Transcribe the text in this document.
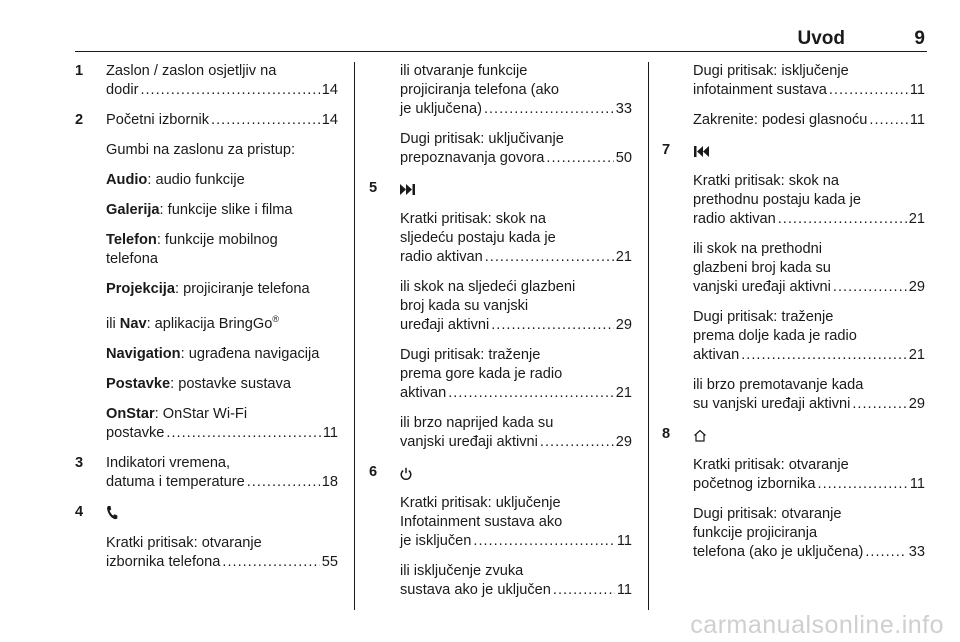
Uvod	9
1 Zaslon / zaslon osjetljiv na
dodir .....	14
2 Početni izbornik .....	14
Gumbi na zaslonu za pristup:
Audio: audio funkcije
Galerija: funkcije slike i filma
Telefon: funkcije mobilnog
telefona
Projekcija: projiciranje telefona
ili Nav: aplikacija BringGo®
Navigation: ugrađena navigacija
Postavke: postavke sustava
OnStar: OnStar Wi-Fi
postavke .....	11
3 Indikatori vremena,
datuma i temperature .....	18
4
Kratki pritisak: otvaranje
izbornika telefona .....	55
ili otvaranje funkcije
projiciranja telefona (ako
je uključena) .....	33
Dugi pritisak: uključivanje
prepoznavanja govora .....	50
5
Kratki pritisak: skok na
sljedeću postaju kada je
radio aktivan .....	21
ili skok na sljedeći glazbeni
broj kada su vanjski
uređaji aktivni .....	29
Dugi pritisak: traženje
prema gore kada je radio
aktivan .....	21
ili brzo naprijed kada su
vanjski uređaji aktivni .....	29
6
Kratki pritisak: uključenje
Infotainment sustava ako
je isključen .....	11
ili isključenje zvuka
sustava ako je uključen .....	11
Dugi pritisak: isključenje
infotainment sustava .....	11
Zakrenite: podesi glasnoću .....	11
7
Kratki pritisak: skok na
prethodnu postaju kada je
radio aktivan .....	21
ili skok na prethodni
glazbeni broj kada su
vanjski uređaji aktivni .....	29
Dugi pritisak: traženje
prema dolje kada je radio
aktivan .....	21
ili brzo premotavanje kada
su vanjski uređaji aktivni .....	29
8
Kratki pritisak: otvaranje
početnog izbornika .....	11
Dugi pritisak: otvaranje
funkcije projiciranja
telefona (ako je uključena) .....	33
carmanualsonline.info
